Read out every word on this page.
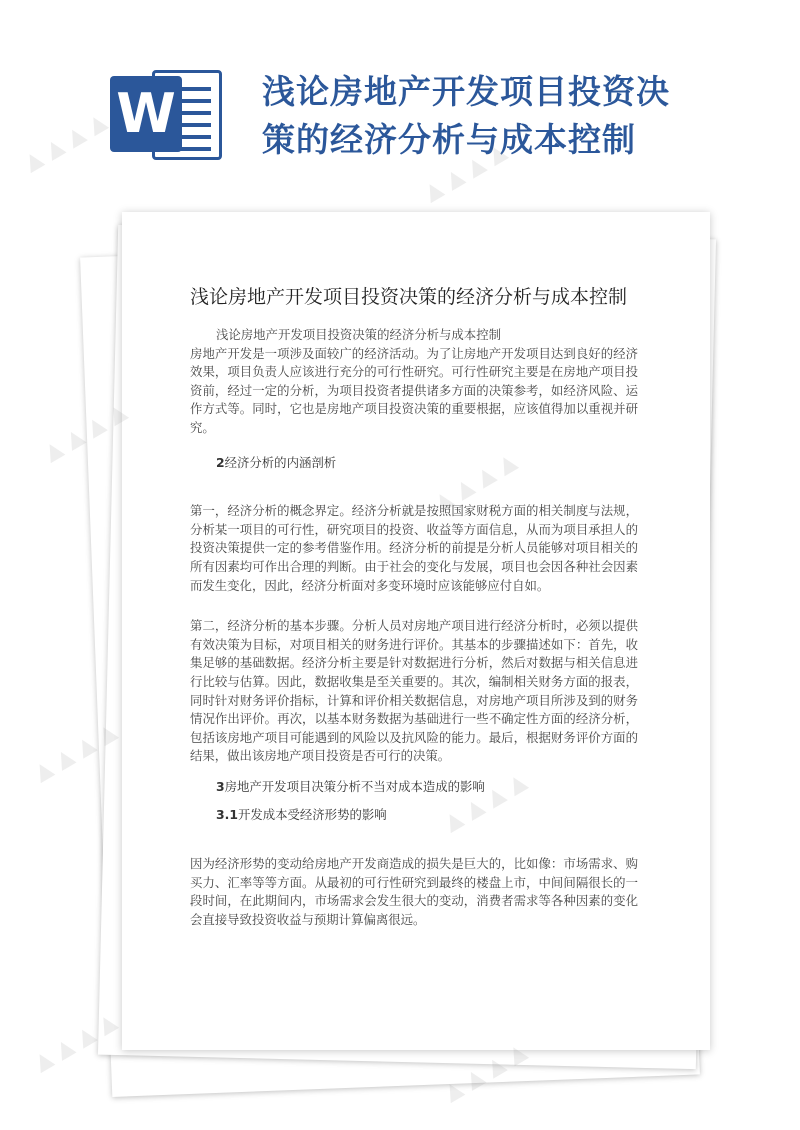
W	浅论房地产开发项目投资决策的经济分析与成本控制
浅论房地产开发项目投资决策的经济分析与成本控制

浅论房地产开发项目投资决策的经济分析与成本控制

房地产开发是一项涉及面较广的经济活动。为了让房地产开发项目达到良好的经济效果，项目负责人应该进行充分的可行性研究。可行性研究主要是在房地产项目投资前，经过一定的分析，为项目投资者提供诸多方面的决策参考，如经济风险、运作方式等。同时，它也是房地产项目投资决策的重要根据，应该值得加以重视并研究。

2经济分析的内涵剖析

第一，经济分析的概念界定。经济分析就是按照国家财税方面的相关制度与法规，分析某一项目的可行性，研究项目的投资、收益等方面信息，从而为项目承担人的投资决策提供一定的参考借鉴作用。经济分析的前提是分析人员能够对项目相关的所有因素均可作出合理的判断。由于社会的变化与发展，项目也会因各种社会因素而发生变化，因此，经济分析面对多变环境时应该能够应付自如。

第二，经济分析的基本步骤。分析人员对房地产项目进行经济分析时，必须以提供有效决策为目标，对项目相关的财务进行评价。其基本的步骤描述如下：首先，收集足够的基础数据。经济分析主要是针对数据进行分析，然后对数据与相关信息进行比较与估算。因此，数据收集是至关重要的。其次，编制相关财务方面的报表，同时针对财务评价指标，计算和评价相关数据信息，对房地产项目所涉及到的财务情况作出评价。再次，以基本财务数据为基础进行一些不确定性方面的经济分析，包括该房地产项目可能遇到的风险以及抗风险的能力。最后，根据财务评价方面的结果，做出该房地产项目投资是否可行的决策。

3房地产开发项目决策分析不当对成本造成的影响

3.1开发成本受经济形势的影响

因为经济形势的变动给房地产开发商造成的损失是巨大的，比如像：市场需求、购买力、汇率等等方面。从最初的可行性研究到最终的楼盘上市，中间间隔很长的一段时间，在此期间内，市场需求会发生很大的变动，消费者需求等各种因素的变化会直接导致投资收益与预期计算偏离很远。

▲ ▲ ▲ ▲	▲ ▲ ▲ ▲
▲ ▲ ▲ ▲
▲ ▲ ▲ ▲
▲ ▲ ▲ ▲
